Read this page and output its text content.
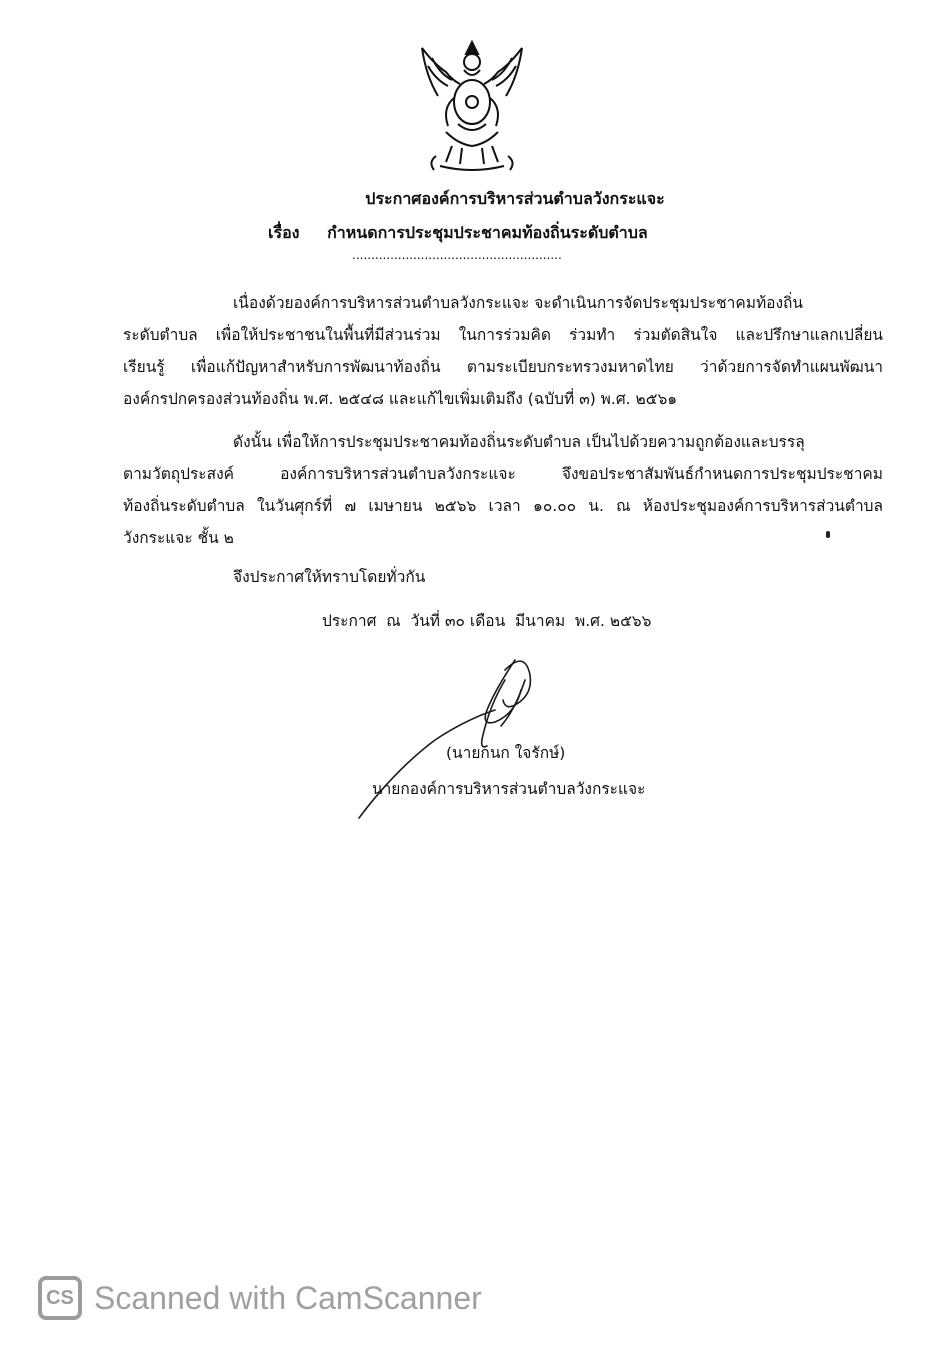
ประกาศองค์การบริหารส่วนตำบลวังกระแจะ
เรื่อง กำหนดการประชุมประชาคมท้องถิ่นระดับตำบล
.......................................................
เนื่องด้วยองค์การบริหารส่วนตำบลวังกระแจะ จะดำเนินการจัดประชุมประชาคมท้องถิ่น
ระดับตำบล เพื่อให้ประชาชนในพื้นที่มีส่วนร่วม ในการร่วมคิด ร่วมทำ ร่วมตัดสินใจ และปรึกษาแลกเปลี่ยน
เรียนรู้ เพื่อแก้ปัญหาสำหรับการพัฒนาท้องถิ่น ตามระเบียบกระทรวงมหาดไทย ว่าด้วยการจัดทำแผนพัฒนา
องค์กรปกครองส่วนท้องถิ่น พ.ศ. ๒๕๔๘ และแก้ไขเพิ่มเติมถึง (ฉบับที่ ๓) พ.ศ. ๒๕๖๑
ดังนั้น เพื่อให้การประชุมประชาคมท้องถิ่นระดับตำบล เป็นไปด้วยความถูกต้องและบรรลุ
ตามวัตถุประสงค์ องค์การบริหารส่วนตำบลวังกระแจะ จึงขอประชาสัมพันธ์กำหนดการประชุมประชาคม
ท้องถิ่นระดับตำบล ในวันศุกร์ที่ ๗ เมษายน ๒๕๖๖ เวลา ๑๐.๐๐ น. ณ ห้องประชุมองค์การบริหารส่วนตำบล
วังกระแจะ ชั้น ๒
จึงประกาศให้ทราบโดยทั่วกัน
ประกาศ  ณ  วันที่ ๓๐ เดือน  มีนาคม  พ.ศ. ๒๕๖๖
(นายกนก ใจรักษ์)
นายกองค์การบริหารส่วนตำบลวังกระแจะ
CS Scanned with CamScanner
